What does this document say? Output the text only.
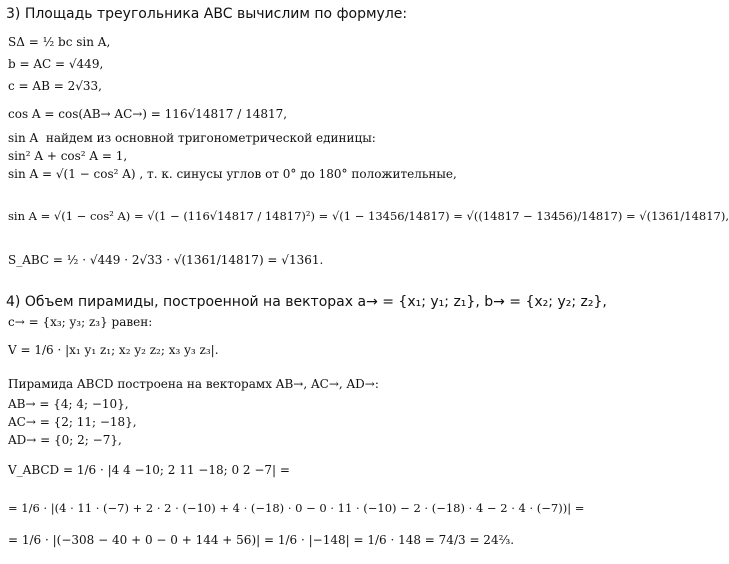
3) Площадь треугольника ABC вычислим по формуле:
SΔ = ½ bc sin A,
b = AC = √449,
c = AB = 2√33,
cos A = cos(AB→ AC→) = 116√14817 / 14817,
sin A  найдем из основной тригонометрической единицы:
sin² A + cos² A = 1,
sin A = √(1 − cos² A) , т. к. синусы углов от 0° до 180° положительные,
sin A = √(1 − cos² A) = √(1 − (116√14817 / 14817)²) = √(1 − 13456/14817) = √((14817 − 13456)/14817) = √(1361/14817),
S_ABC = ½ · √449 · 2√33 · √(1361/14817) = √1361.
4) Объем пирамиды, построенной на векторах a→ = {x₁; y₁; z₁}, b→ = {x₂; y₂; z₂},
c→ = {x₃; y₃; z₃} равен:
V = 1/6 · |x₁ y₁ z₁; x₂ y₂ z₂; x₃ y₃ z₃|.
Пирамида ABCD построена на векторамх AB→, AC→, AD→:
AB→ = {4; 4; −10},
AC→ = {2; 11; −18},
AD→ = {0; 2; −7},
V_ABCD = 1/6 · |4 4 −10; 2 11 −18; 0 2 −7| =
= 1/6 · |(4 · 11 · (−7) + 2 · 2 · (−10) + 4 · (−18) · 0 − 0 · 11 · (−10) − 2 · (−18) · 4 − 2 · 4 · (−7))| =
= 1/6 · |(−308 − 40 + 0 − 0 + 144 + 56)| = 1/6 · |−148| = 1/6 · 148 = 74/3 = 24⅔.
